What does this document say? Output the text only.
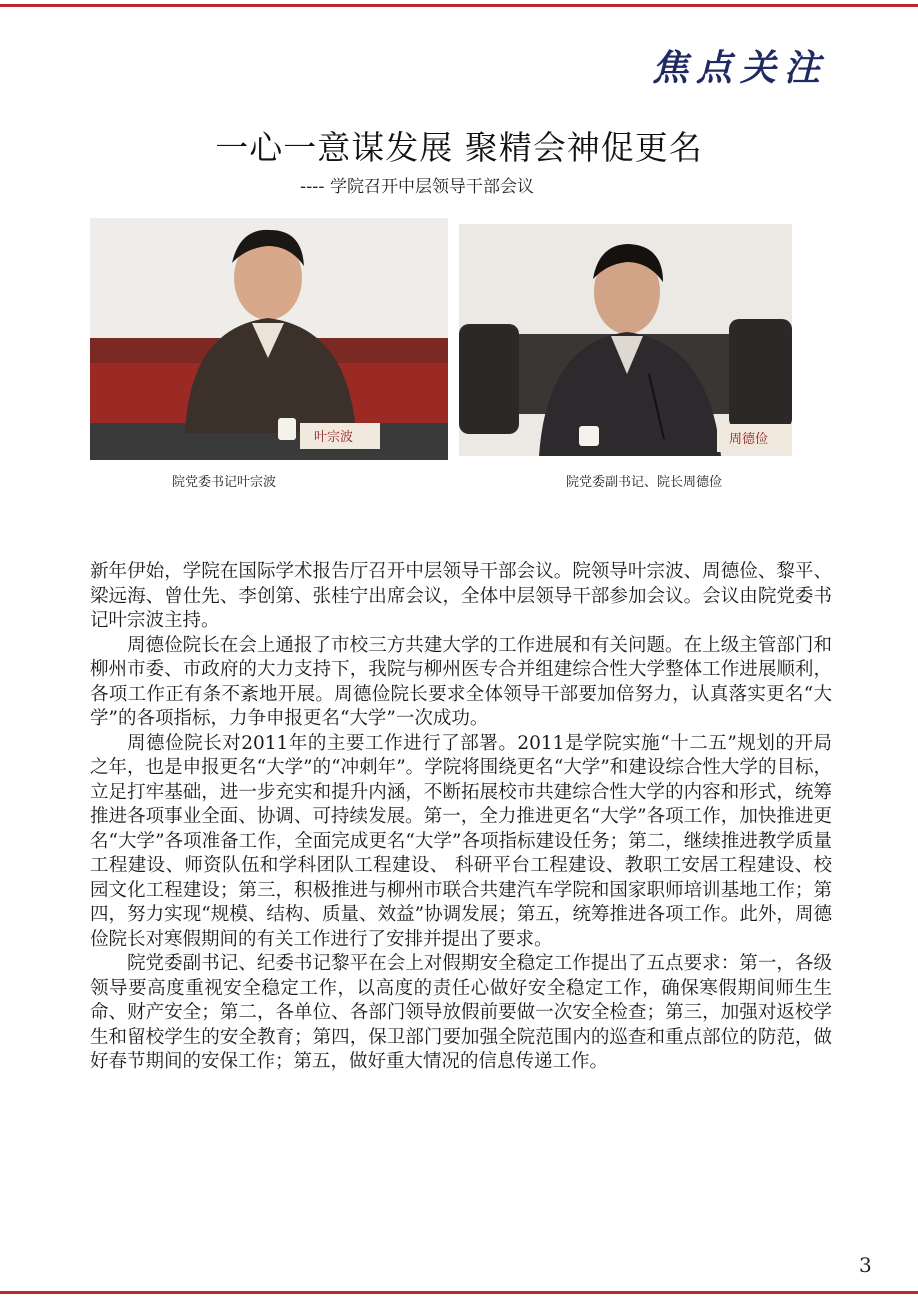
焦点关注
一心一意谋发展 聚精会神促更名
---- 学院召开中层领导干部会议
叶宗波
院党委书记叶宗波
周德俭
院党委副书记、院长周德俭

新年伊始，学院在国际学术报告厅召开中层领导干部会议。院领导叶宗波、周德俭、黎平、梁远海、曾仕先、李创第、张桂宁出席会议，全体中层领导干部参加会议。会议由院党委书记叶宗波主持。

周德俭院长在会上通报了市校三方共建大学的工作进展和有关问题。在上级主管部门和柳州市委、市政府的大力支持下，我院与柳州医专合并组建综合性大学整体工作进展顺利，各项工作正有条不紊地开展。周德俭院长要求全体领导干部要加倍努力，认真落实更名“大学”的各项指标，力争申报更名“大学”一次成功。

周德俭院长对2011年的主要工作进行了部署。2011是学院实施“十二五”规划的开局之年，也是申报更名“大学”的“冲刺年”。学院将围绕更名“大学”和建设综合性大学的目标，立足打牢基础，进一步充实和提升内涵，不断拓展校市共建综合性大学的内容和形式，统筹推进各项事业全面、协调、可持续发展。第一，全力推进更名“大学”各项工作，加快推进更名“大学”各项准备工作，全面完成更名“大学”各项指标建设任务；第二，继续推进教学质量工程建设、师资队伍和学科团队工程建设、 科研平台工程建设、教职工安居工程建设、校园文化工程建设；第三，积极推进与柳州市联合共建汽车学院和国家职师培训基地工作；第四，努力实现“规模、结构、质量、效益”协调发展；第五，统筹推进各项工作。此外，周德俭院长对寒假期间的有关工作进行了安排并提出了要求。

院党委副书记、纪委书记黎平在会上对假期安全稳定工作提出了五点要求：第一，各级领导要高度重视安全稳定工作，以高度的责任心做好安全稳定工作，确保寒假期间师生生命、财产安全；第二，各单位、各部门领导放假前要做一次安全检查；第三，加强对返校学生和留校学生的安全教育；第四，保卫部门要加强全院范围内的巡查和重点部位的防范，做好春节期间的安保工作；第五，做好重大情况的信息传递工作。

3
